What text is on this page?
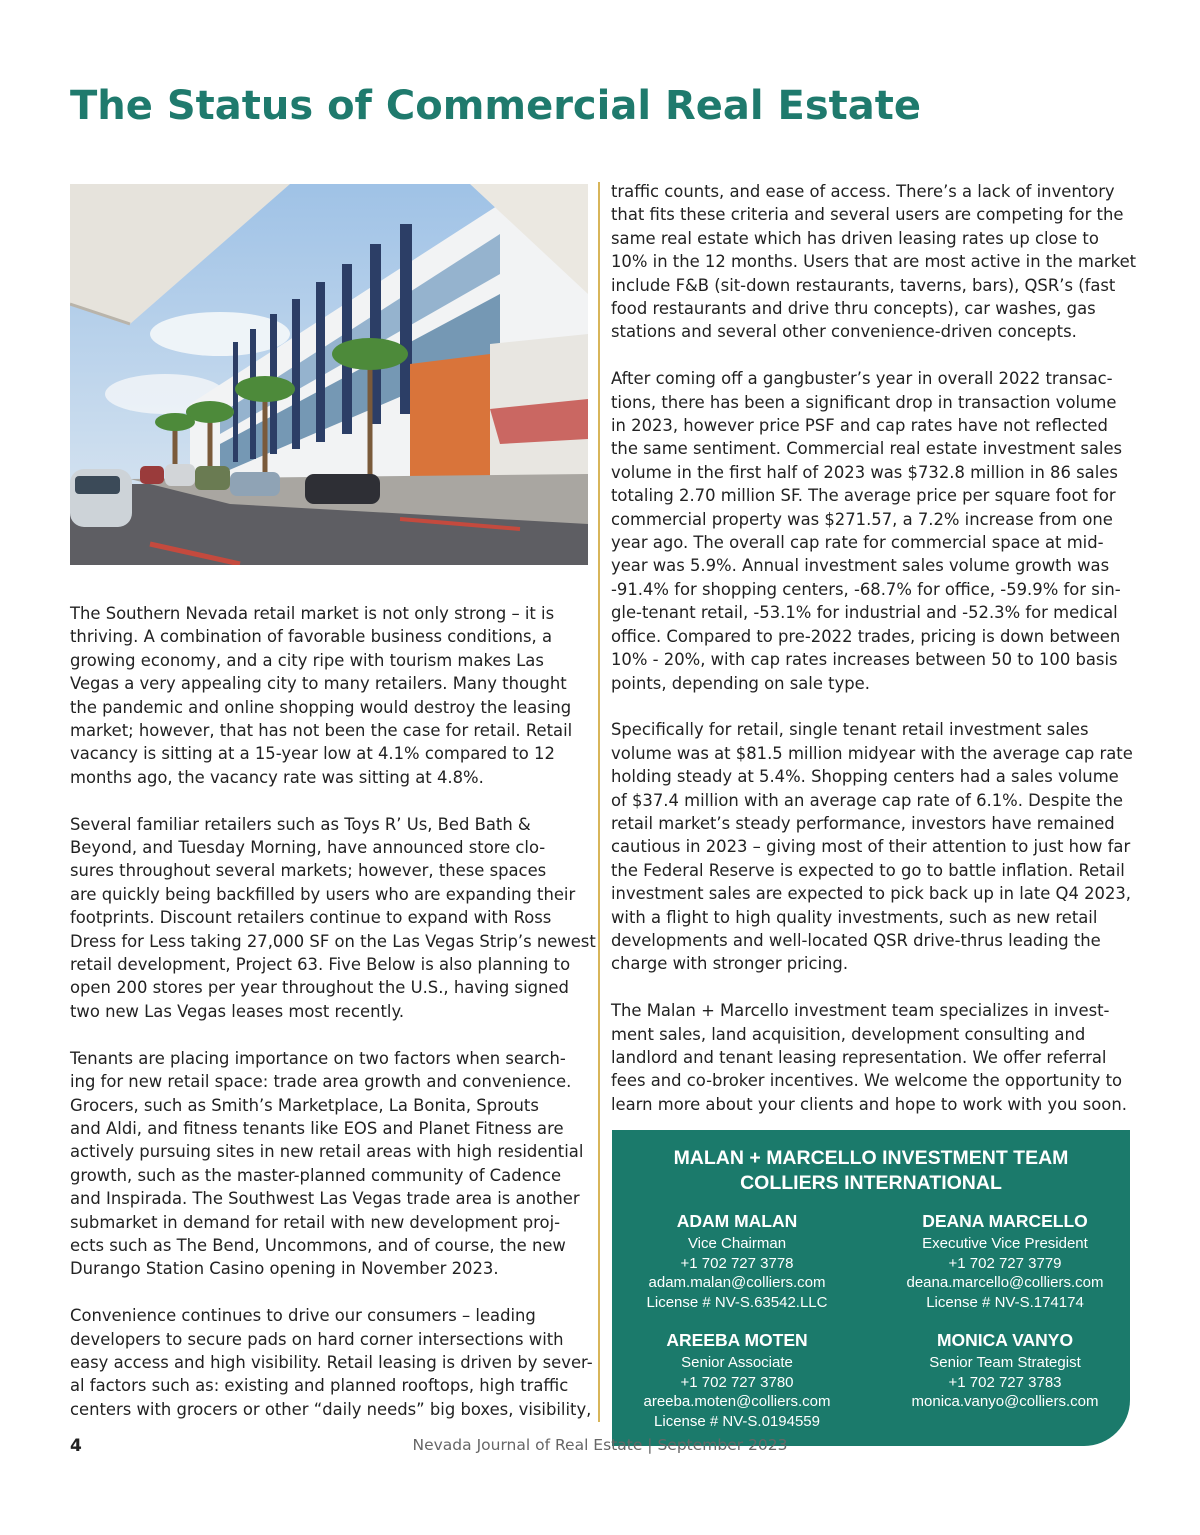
The Status of Commercial Real Estate

The Southern Nevada retail market is not only strong – it is
thriving. A combination of favorable business conditions, a
growing economy, and a city ripe with tourism makes Las
Vegas a very appealing city to many retailers. Many thought
the pandemic and online shopping would destroy the leasing
market; however, that has not been the case for retail. Retail
vacancy is sitting at a 15-year low at 4.1% compared to 12
months ago, the vacancy rate was sitting at 4.8%.

Several familiar retailers such as Toys R’ Us, Bed Bath &
Beyond, and Tuesday Morning, have announced store clo-
sures throughout several markets; however, these spaces
are quickly being backfilled by users who are expanding their
footprints. Discount retailers continue to expand with Ross
Dress for Less taking 27,000 SF on the Las Vegas Strip’s newest
retail development, Project 63. Five Below is also planning to
open 200 stores per year throughout the U.S., having signed
two new Las Vegas leases most recently.

Tenants are placing importance on two factors when search-
ing for new retail space: trade area growth and convenience.
Grocers, such as Smith’s Marketplace, La Bonita, Sprouts
and Aldi, and fitness tenants like EOS and Planet Fitness are
actively pursuing sites in new retail areas with high residential
growth, such as the master-planned community of Cadence
and Inspirada. The Southwest Las Vegas trade area is another
submarket in demand for retail with new development proj-
ects such as The Bend, Uncommons, and of course, the new
Durango Station Casino opening in November 2023.

Convenience continues to drive our consumers – leading
developers to secure pads on hard corner intersections with
easy access and high visibility. Retail leasing is driven by sever-
al factors such as: existing and planned rooftops, high traffic
centers with grocers or other “daily needs” big boxes, visibility,

traffic counts, and ease of access. There’s a lack of inventory
that fits these criteria and several users are competing for the
same real estate which has driven leasing rates up close to
10% in the 12 months. Users that are most active in the market
include F&B (sit-down restaurants, taverns, bars), QSR’s (fast
food restaurants and drive thru concepts), car washes, gas
stations and several other convenience-driven concepts.

After coming off a gangbuster’s year in overall 2022 transac-
tions, there has been a significant drop in transaction volume
in 2023, however price PSF and cap rates have not reflected
the same sentiment. Commercial real estate investment sales
volume in the first half of 2023 was $732.8 million in 86 sales
totaling 2.70 million SF. The average price per square foot for
commercial property was $271.57, a 7.2% increase from one
year ago. The overall cap rate for commercial space at mid-
year was 5.9%. Annual investment sales volume growth was
-91.4% for shopping centers, -68.7% for office, -59.9% for sin-
gle-tenant retail, -53.1% for industrial and -52.3% for medical
office. Compared to pre-2022 trades, pricing is down between
10% - 20%, with cap rates increases between 50 to 100 basis
points, depending on sale type.

Specifically for retail, single tenant retail investment sales
volume was at $81.5 million midyear with the average cap rate
holding steady at 5.4%. Shopping centers had a sales volume
of $37.4 million with an average cap rate of 6.1%. Despite the
retail market’s steady performance, investors have remained
cautious in 2023 – giving most of their attention to just how far
the Federal Reserve is expected to go to battle inflation. Retail
investment sales are expected to pick back up in late Q4 2023,
with a flight to high quality investments, such as new retail
developments and well-located QSR drive-thrus leading the
charge with stronger pricing.

The Malan + Marcello investment team specializes in invest-
ment sales, land acquisition, development consulting and
landlord and tenant leasing representation. We offer referral
fees and co-broker incentives. We welcome the opportunity to
learn more about your clients and hope to work with you soon.

MALAN + MARCELLO INVESTMENT TEAM
COLLIERS INTERNATIONAL
ADAM MALAN
Vice Chairman
+1 702 727 3778
adam.malan@colliers.com
License # NV-S.63542.LLC
DEANA MARCELLO
Executive Vice President
+1 702 727 3779
deana.marcello@colliers.com
License # NV-S.174174
AREEBA MOTEN
Senior Associate
+1 702 727 3780
areeba.moten@colliers.com
License # NV-S.0194559
MONICA VANYO
Senior Team Strategist
+1 702 727 3783
monica.vanyo@colliers.com
4	Nevada Journal of Real Estate | September 2023
